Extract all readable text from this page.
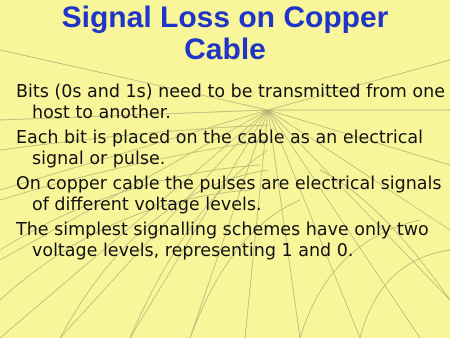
Signal Loss on Copper
Cable
Bits (0s and 1s) need to be transmitted from one host to another.
Each bit is placed on the cable as an electrical signal or pulse.
On copper cable the pulses are electrical signals of different voltage levels.
The simplest signalling schemes have only two voltage levels, representing 1 and 0.
